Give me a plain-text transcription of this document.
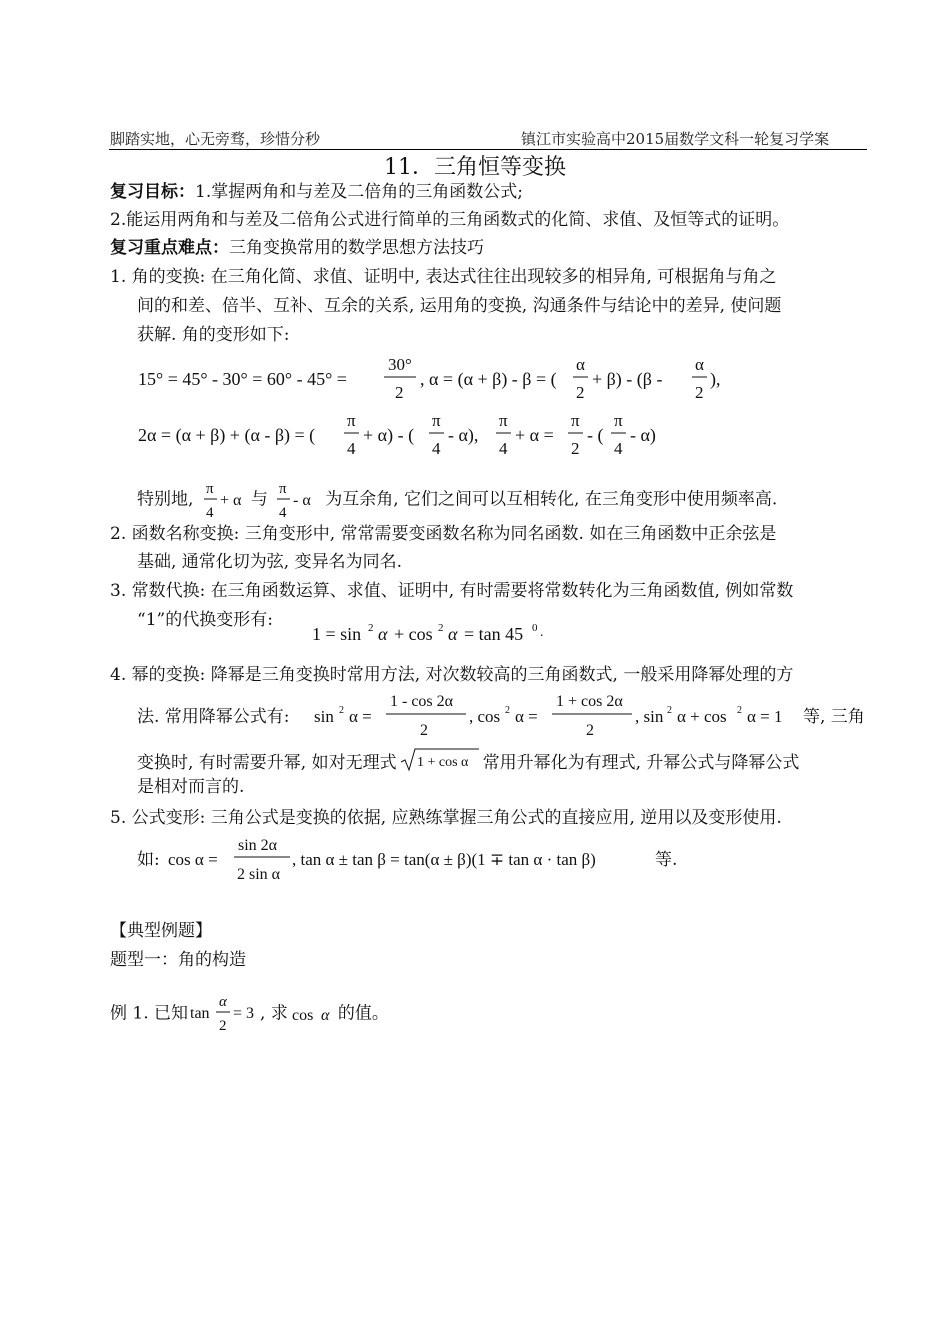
脚踏实地，心无旁骛，珍惜分秒	镇江市实验高中2015届数学文科一轮复习学案
11．三角恒等变换
复习目标：1.掌握两角和与差及二倍角的三角函数公式;
2.能运用两角和与差及二倍角公式进行简单的三角函数式的化简、求值、及恒等式的证明。
复习重点难点：三角变换常用的数学思想方法技巧
1. 角的变换: 在三角化简、求值、证明中, 表达式往往出现较多的相异角, 可根据角与角之
间的和差、倍半、互补、互余的关系, 运用角的变换, 沟通条件与结论中的差异, 使问题
获解. 角的变形如下:
15° = 45° - 30° = 60° - 45° =
30°
2
, α = (α + β) - β = (
α
2
+ β) - (β -
α
2
),
2α = (α + β) + (α - β) = (
π
4
+ α) - (
π
4
- α),
π
4
+ α =
π
2
- (
π
4
- α)
特别地,
π
4
+ α 与
π
4
- α 为互余角, 它们之间可以互相转化, 在三角变形中使用频率高.
2. 函数名称变换: 三角变形中, 常常需要变函数名称为同名函数. 如在三角函数中正余弦是
基础, 通常化切为弦, 变异名为同名.
3. 常数代换: 在三角函数运算、求值、证明中, 有时需要将常数转化为三角函数值, 例如常数
“1”的代换变形有:
1 = sin 2 α + cos 2 α = tan 45 0 .
4. 幂的变换: 降幂是三角变换时常用方法, 对次数较高的三角函数式, 一般采用降幂处理的方
法. 常用降幂公式有: sin 2 α =
1 - cos 2α
2
, cos 2 α =
1 + cos 2α
2
, sin 2 α + cos 2 α = 1 等, 三角
变换时, 有时需要升幂, 如对无理式 1 + cos α 常用升幂化为有理式, 升幂公式与降幂公式
是相对而言的.
5. 公式变形: 三角公式是变换的依据, 应熟练掌握三角公式的直接应用, 逆用以及变形使用.
如: cos α =
sin 2α
2 sin α
, tan α ± tan β = tan(α ± β)(1 ∓ tan α · tan β)	等.
【典型例题】
题型一：角的构造
例 1. 已知 tan
α
2
= 3 , 求 cos α 的值。
